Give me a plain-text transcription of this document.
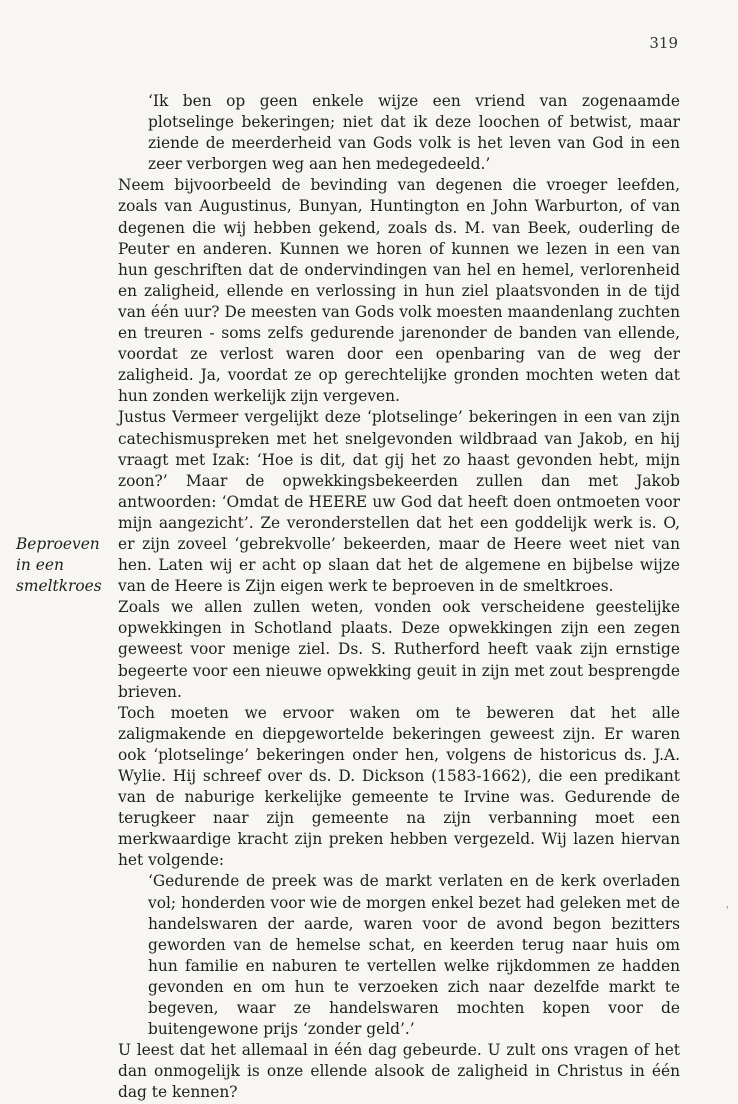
319
Beproeven
in een
smeltkroes

‘Ik ben op geen enkele wijze een vriend van zogenaamde plotselinge bekeringen; niet dat ik deze loochen of betwist, maar ziende de meerderheid van Gods volk is het leven van God in een zeer verborgen weg aan hen medegedeeld.’

Neem bijvoorbeeld de bevinding van degenen die vroeger leefden, zoals van Augustinus, Bunyan, Huntington en John Warburton, of van degenen die wij hebben gekend, zoals ds. M. van Beek, ouderling de Peuter en anderen. Kunnen we horen of kunnen we lezen in een van hun geschriften dat de ondervindingen van hel en hemel, verlorenheid en zaligheid, ellende en verlossing in hun ziel plaatsvonden in de tijd van één uur? De meesten van Gods volk moesten maandenlang zuchten en treuren - soms zelfs gedurende jarenonder de banden van ellende, voordat ze verlost waren door een openbaring van de weg der zaligheid. Ja, voordat ze op gerechtelijke gronden mochten weten dat hun zonden werkelijk zijn vergeven.

Justus Vermeer vergelijkt deze ‘plotselinge’ bekeringen in een van zijn catechismuspreken met het snelgevonden wildbraad van Jakob, en hij vraagt met Izak: ‘Hoe is dit, dat gij het zo haast gevonden hebt, mijn zoon?’ Maar de opwekkingsbekeerden zullen dan met Jakob antwoorden: ‘Omdat de HEERE uw God dat heeft doen ontmoeten voor mijn aangezicht’. Ze veronderstellen dat het een goddelijk werk is. O, er zijn zoveel ‘gebrekvolle’ bekeerden, maar de Heere weet niet van hen. Laten wij er acht op slaan dat het de algemene en bijbelse wijze van de Heere is Zijn eigen werk te beproeven in de smeltkroes.

Zoals we allen zullen weten, vonden ook verscheidene geestelijke opwekkingen in Schotland plaats. Deze opwekkingen zijn een zegen geweest voor menige ziel. Ds. S. Rutherford heeft vaak zijn ernstige begeerte voor een nieuwe opwekking geuit in zijn met zout besprengde brieven.

Toch moeten we ervoor waken om te beweren dat het alle zaligmakende en diepgewortelde bekeringen geweest zijn. Er waren ook ‘plotselinge’ bekeringen onder hen, volgens de historicus ds. J.A. Wylie. Hij schreef over ds. D. Dickson (1583-1662), die een predikant van de naburige kerkelijke gemeente te Irvine was. Gedurende de terugkeer naar zijn gemeente na zijn verbanning moet een merkwaardige kracht zijn preken hebben vergezeld. Wij lazen hiervan het volgende:

‘Gedurende de preek was de markt verlaten en de kerk overladen vol; honderden voor wie de morgen enkel bezet had geleken met de handelswaren der aarde, waren voor de avond begon bezitters geworden van de hemelse schat, en keerden terug naar huis om hun familie en naburen te vertellen welke rijkdommen ze hadden gevonden en om hun te verzoeken zich naar dezelfde markt te begeven, waar ze handelswaren mochten kopen voor de buitengewone prijs ‘zonder geld’.’

U leest dat het allemaal in één dag gebeurde. U zult ons vragen of het dan onmogelijk is onze ellende alsook de zaligheid in Christus in één dag te kennen?

'
